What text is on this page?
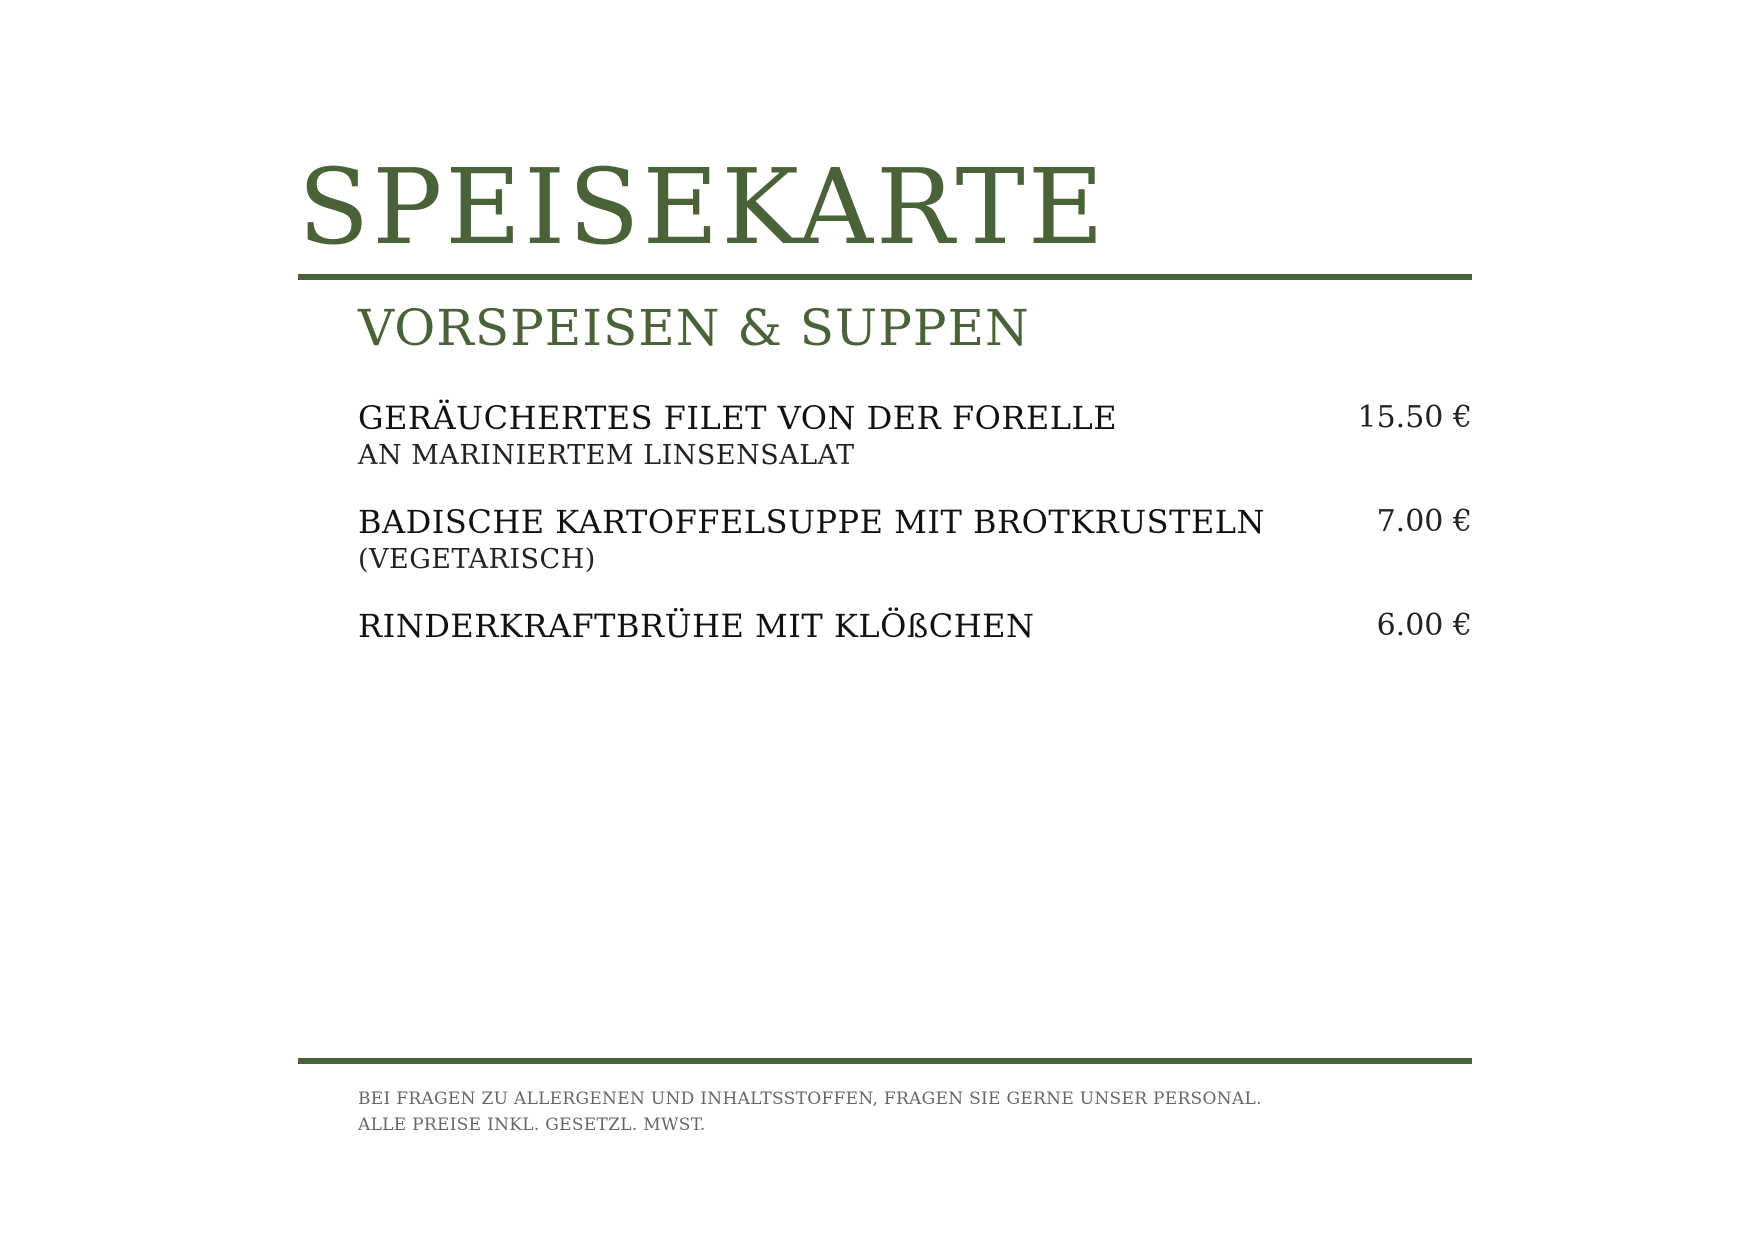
SPEISEKARTE
VORSPEISEN & SUPPEN
GERÄUCHERTES FILET VON DER FORELLE
AN MARINIERTEM LINSENSALAT
15.50 €
BADISCHE KARTOFFELSUPPE MIT BROTKRUSTELN
(VEGETARISCH)
7.00 €
RINDERKRAFTBRÜHE MIT KLÖßCHEN	6.00 €
BEI FRAGEN ZU ALLERGENEN UND INHALTSSTOFFEN, FRAGEN SIE GERNE UNSER PERSONAL.
ALLE PREISE INKL. GESETZL. MWST.
